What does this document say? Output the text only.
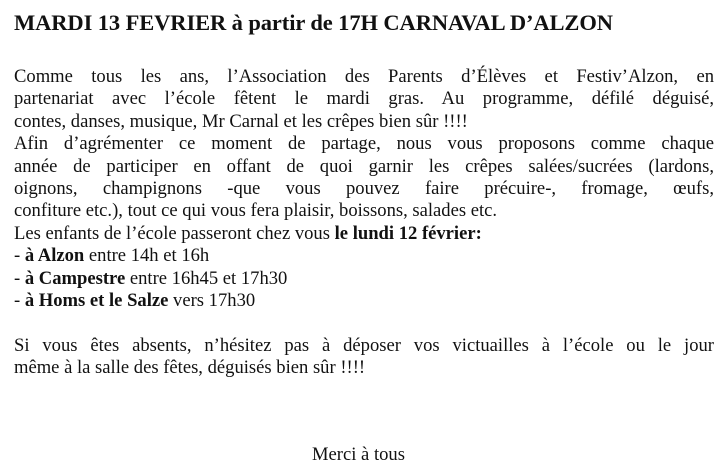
MARDI 13 FEVRIER à partir de 17H CARNAVAL D’ALZON
Comme tous les ans, l’Association des Parents d’Élèves et Festiv’Alzon, en
partenariat avec l’école fêtent le mardi gras. Au programme, défilé déguisé,
contes, danses, musique, Mr Carnal et les crêpes bien sûr !!!!
Afin d’agrémenter ce moment de partage, nous vous proposons comme chaque
année de participer en offant de quoi garnir les crêpes salées/sucrées (lardons,
oignons, champignons -que vous pouvez faire précuire-, fromage, œufs,
confiture etc.), tout ce qui vous fera plaisir, boissons, salades etc.
Les enfants de l’école passeront chez vous le lundi 12 février:
- à Alzon entre 14h et 16h
- à Campestre entre 16h45 et 17h30
- à Homs et le Salze vers 17h30
Si vous êtes absents, n’hésitez pas à déposer vos victuailles à l’école ou le jour
même à la salle des fêtes, déguisés bien sûr !!!!
Merci à tous
